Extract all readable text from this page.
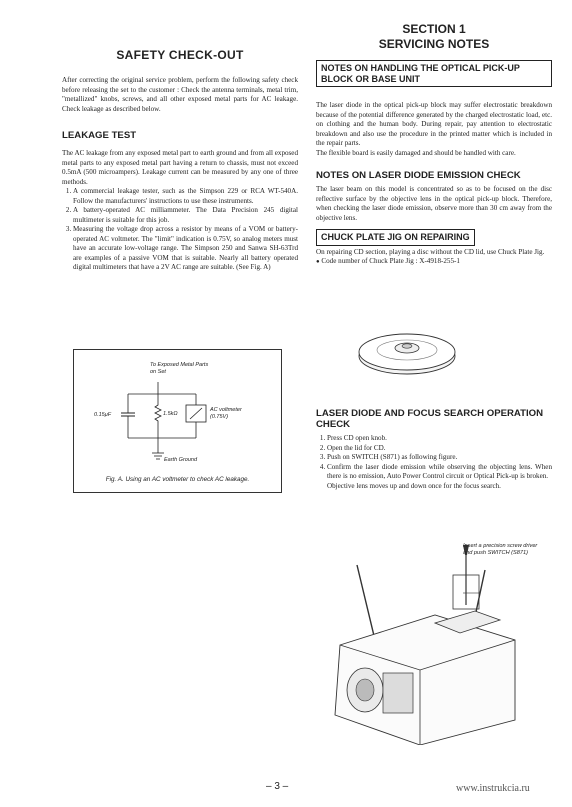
SAFETY CHECK-OUT

After correcting the original service problem, perform the following safety check before releasing the set to the customer : Check the antenna terminals, metal trim, "metallized" knobs, screws, and all other exposed metal parts for AC leakage. Check leakage as described below.

LEAKAGE TEST

The AC leakage from any exposed metal part to earth ground and from all exposed metal parts to any exposed metal part having a return to chassis, must not exceed 0.5mA (500 microampers). Leakage current can be measured by any one of three methods.

1. A commercial leakage tester, such as the Simpson 229 or RCA WT-540A. Follow the manufacturers' instructions to use these instruments.
2. A battery-operated AC milliammeter. The Data Precision 245 digital multimeter is suitable for this job.
3. Measuring the voltage drop across a resistor by means of a VOM or battery-operated AC voltmeter. The "limit" indication is 0.75V, so analog meters must have an accurate low-voltage range. The Simpson 250 and Sanwa SH-63Trd are examples of a passive VOM that is suitable. Nearly all battery operated digital multimeters that have a 2V AC range are suitable. (See Fig. A)
To Exposed Metal Parts on Set
0.15μF	1.5kΩ
AC voltmeter (0.75V)
Earth Ground
Fig. A. Using an AC voltmeter to check AC leakage.
SECTION 1
SERVICING NOTES
NOTES ON HANDLING THE OPTICAL PICK-UP BLOCK OR BASE UNIT

The laser diode in the optical pick-up block may suffer electrostatic breakdown because of the potential difference generated by the charged electrostatic load, etc. on clothing and the human body. During repair, pay attention to electrostatic breakdown and also use the procedure in the printed matter which is included in the repair parts.

The flexible board is easily damaged and should be handled with care.

NOTES ON LASER DIODE EMISSION CHECK

The laser beam on this model is concentrated so as to be focused on the disc reflective surface by the objective lens in the optical pick-up block. Therefore, when checking the laser diode emission, observe more than 30 cm away from the objective lens.

CHUCK PLATE JIG ON REPAIRING

On repairing CD section, playing a disc without the CD lid, use Chuck Plate Jig.

● Code number of Chuck Plate Jig : X-4918-255-1

LASER DIODE AND FOCUS SEARCH OPERATION CHECK
1. Press CD open knob.
2. Open the lid for CD.
3. Push on SWITCH (S871) as following figure.
4. Confirm the laser diode emission while observing the objecting lens. When there is no emission, Auto Power Control circuit or Optical Pick-up is broken.

Objective lens moves up and down once for the focus search.

Insert a precision screw driver and push SWITCH (S871)
– 3 –	www.instrukcia.ru
